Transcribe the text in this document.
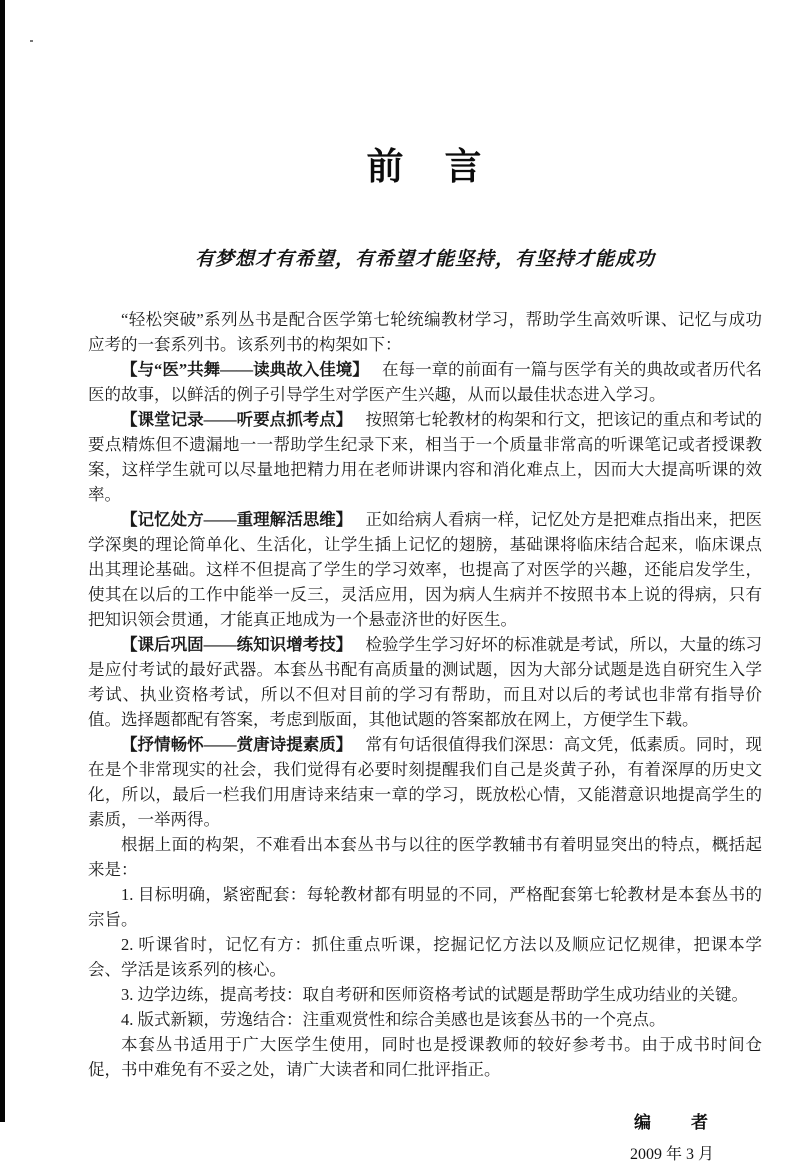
前　言
有梦想才有希望，有希望才能坚持，有坚持才能成功

“轻松突破”系列丛书是配合医学第七轮统编教材学习，帮助学生高效听课、记忆与成功应考的一套系列书。该系列书的构架如下：

【与“医”共舞——读典故入佳境】 在每一章的前面有一篇与医学有关的典故或者历代名医的故事，以鲜活的例子引导学生对学医产生兴趣，从而以最佳状态进入学习。

【课堂记录——听要点抓考点】 按照第七轮教材的构架和行文，把该记的重点和考试的要点精炼但不遗漏地一一帮助学生纪录下来，相当于一个质量非常高的听课笔记或者授课教案，这样学生就可以尽量地把精力用在老师讲课内容和消化难点上，因而大大提高听课的效率。

【记忆处方——重理解活思维】 正如给病人看病一样，记忆处方是把难点指出来，把医学深奥的理论简单化、生活化，让学生插上记忆的翅膀，基础课将临床结合起来，临床课点出其理论基础。这样不但提高了学生的学习效率，也提高了对医学的兴趣，还能启发学生，使其在以后的工作中能举一反三，灵活应用，因为病人生病并不按照书本上说的得病，只有把知识领会贯通，才能真正地成为一个悬壶济世的好医生。

【课后巩固——练知识增考技】 检验学生学习好坏的标准就是考试，所以，大量的练习是应付考试的最好武器。本套丛书配有高质量的测试题，因为大部分试题是选自研究生入学考试、执业资格考试，所以不但对目前的学习有帮助，而且对以后的考试也非常有指导价值。选择题都配有答案，考虑到版面，其他试题的答案都放在网上，方便学生下载。

【抒情畅怀——赏唐诗提素质】 常有句话很值得我们深思：高文凭，低素质。同时，现在是个非常现实的社会，我们觉得有必要时刻提醒我们自己是炎黄子孙，有着深厚的历史文化，所以，最后一栏我们用唐诗来结束一章的学习，既放松心情，又能潜意识地提高学生的素质，一举两得。

根据上面的构架，不难看出本套丛书与以往的医学教辅书有着明显突出的特点，概括起来是：

1. 目标明确，紧密配套：每轮教材都有明显的不同，严格配套第七轮教材是本套丛书的宗旨。

2. 听课省时，记忆有方：抓住重点听课，挖掘记忆方法以及顺应记忆规律，把课本学会、学活是该系列的核心。

3. 边学边练，提高考技：取自考研和医师资格考试的试题是帮助学生成功结业的关键。

4. 版式新颖，劳逸结合：注重观赏性和综合美感也是该套丛书的一个亮点。

本套丛书适用于广大医学生使用，同时也是授课教师的较好参考书。由于成书时间仓促，书中难免有不妥之处，请广大读者和同仁批评指正。

编　　者
2009 年 3 月
